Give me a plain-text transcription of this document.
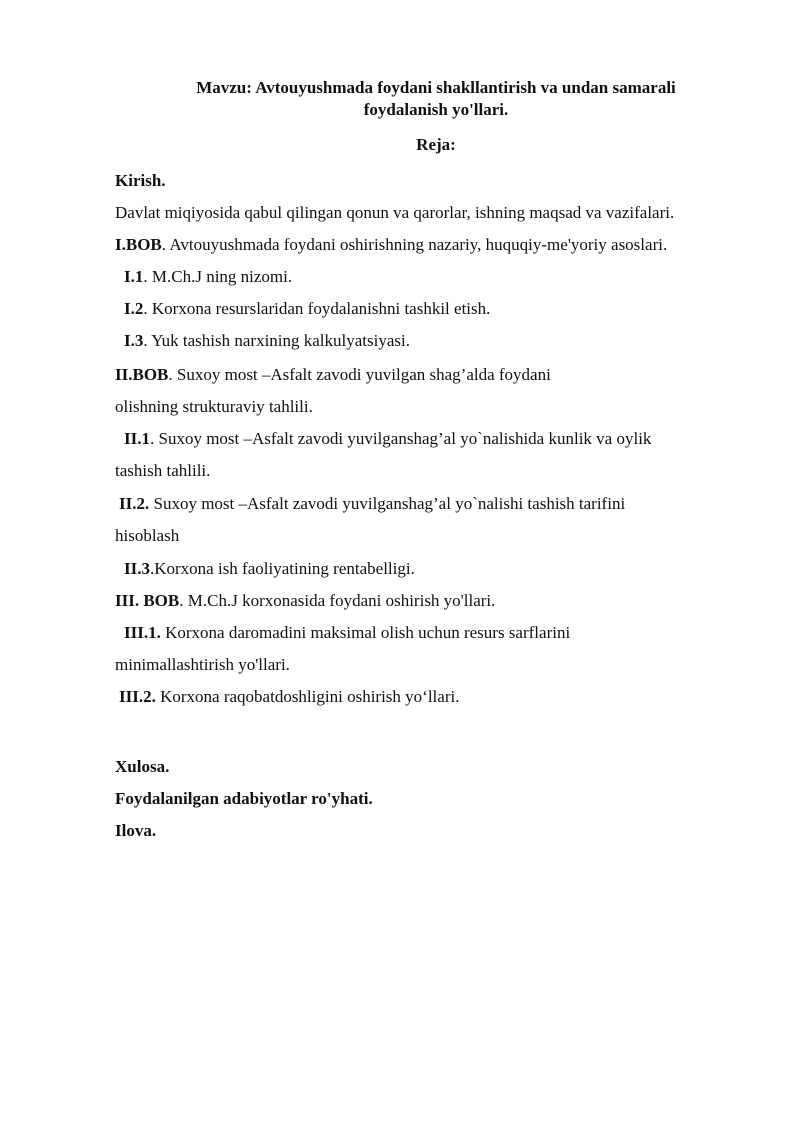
Mavzu: Avtouyushmada foydani shakllantirish va undan samarali
foydalanish yo'llari.
Reja:
Kirish.
Davlat miqiyosida qabul qilingan qonun va qarorlar, ishning maqsad va vazifalari.
I.BOB. Avtouyushmada foydani oshirishning nazariy, huquqiy-me'yoriy asoslari.
I.1. M.Ch.J ning nizomi.
I.2. Korxona resurslaridan foydalanishni tashkil etish.
I.3. Yuk tashish narxining kalkulyatsiyasi.
II.BOB. Suxoy most –Asfalt zavodi yuvilgan shag’alda foydani
olishning strukturaviy tahlili.
II.1. Suxoy most –Asfalt zavodi yuvilganshag’al yo`nalishida kunlik va oylik
tashish tahlili.
II.2. Suxoy most –Asfalt zavodi yuvilganshag’al yo`nalishi tashish tarifini
hisoblash
II.3.Korxona ish faoliyatining rentabelligi.
III. BOB. M.Ch.J korxonasida foydani oshirish yo'llari.
III.1. Korxona daromadini maksimal olish uchun resurs sarflarini
minimallashtirish yo'llari.
III.2. Korxona raqobatdoshligini oshirish yo‘llari.
Xulosa.
Foydalanilgan adabiyotlar ro'yhati.
Ilova.
